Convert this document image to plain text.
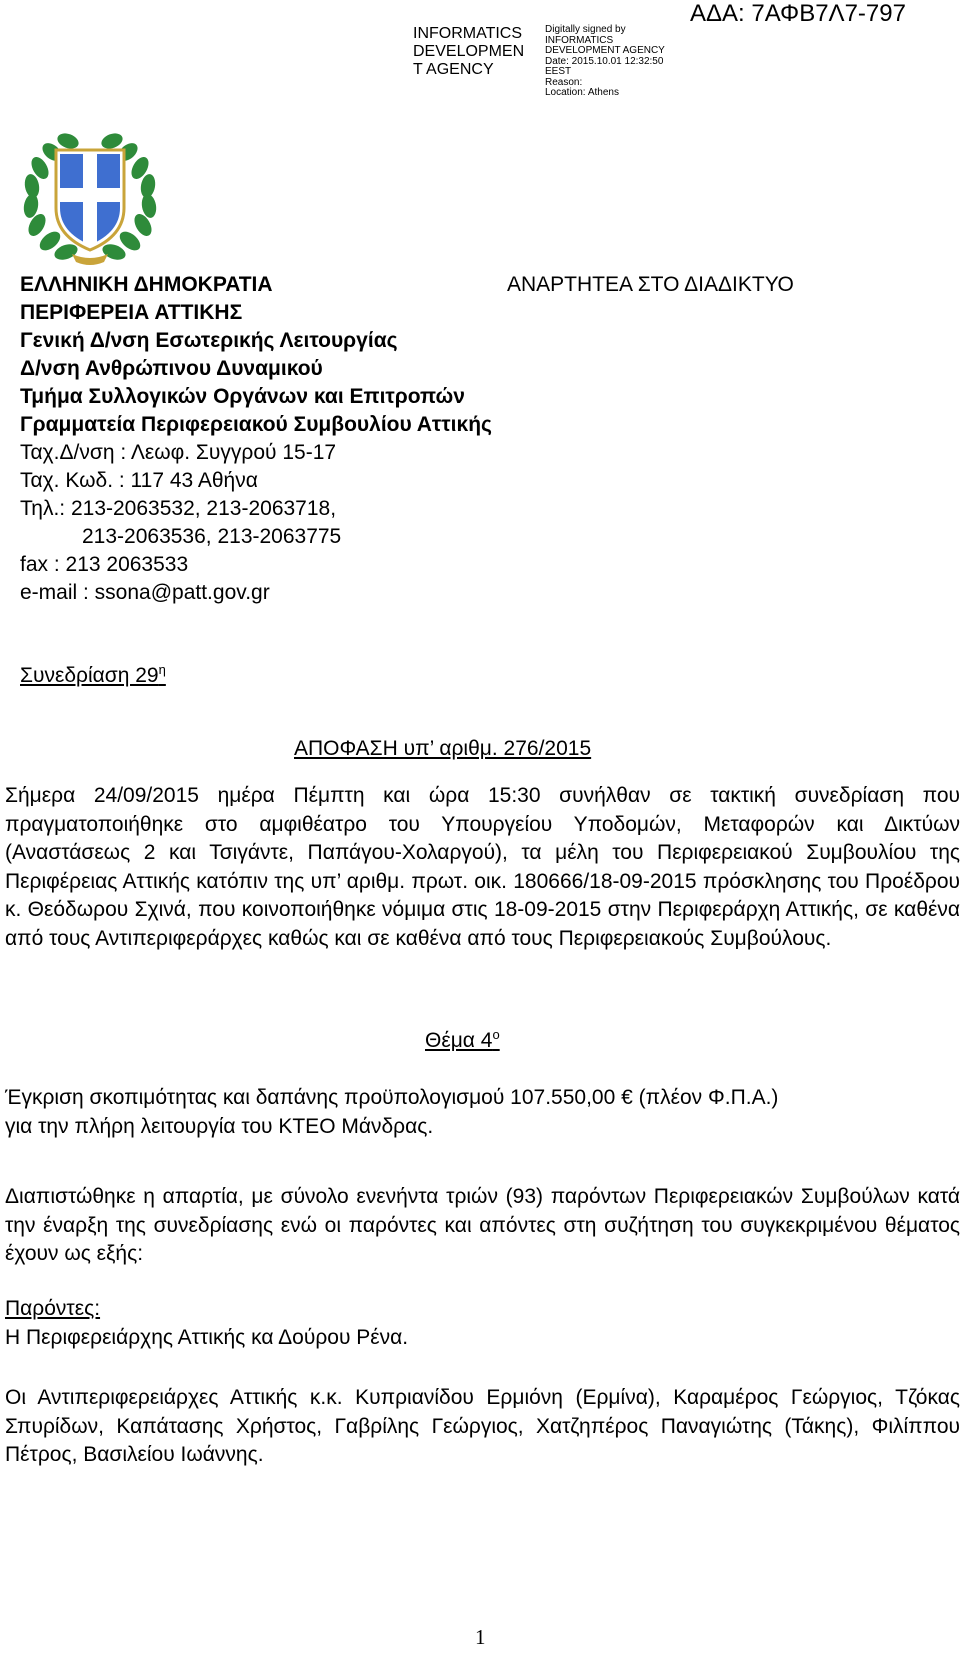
INFORMATICS
DEVELOPMEN
T AGENCY
Digitally signed by
INFORMATICS
DEVELOPMENT AGENCY
Date: 2015.10.01 12:32:50
EEST
Reason:
Location: Athens
ΑΔΑ: 7ΑΦΒ7Λ7-797
ΕΛΛΗΝΙΚΗ ΔΗΜΟΚΡΑΤΙΑ
ΠΕΡΙΦΕΡΕΙΑ ΑΤΤΙΚΗΣ
Γενική Δ/νση Εσωτερικής Λειτουργίας
Δ/νση Ανθρώπινου Δυναμικού
Τμήμα Συλλογικών Οργάνων και Επιτροπών
Γραμματεία Περιφερειακού Συμβουλίου Αττικής
Ταχ.Δ/νση : Λεωφ. Συγγρού 15-17
Ταχ. Κωδ. : 117 43 Αθήνα
Τηλ.: 213-2063532, 213-2063718,
213-2063536, 213-2063775
fax : 213 2063533
e-mail : ssona@patt.gov.gr
ΑΝΑΡΤΗΤΕΑ ΣΤΟ ΔΙΑΔΙΚΤΥΟ
Συνεδρίαση $29^\eta$
ΑΠΟΦΑΣΗ υπ’ αριθμ. 276/2015
Σήμερα 24/09/2015 ημέρα Πέμπτη και ώρα 15:30 συνήλθαν σε τακτική συνεδρίαση που πραγματοποιήθηκε στο αμφιθέατρο του Υπουργείου Υποδομών, Μεταφορών και Δικτύων (Αναστάσεως 2 και Τσιγάντε, Παπάγου-Χολαργού), τα μέλη του Περιφερειακού Συμβουλίου της Περιφέρειας Αττικής κατόπιν της υπ’ αριθμ. πρωτ. οικ. 180666/18-09-2015 πρόσκλησης του Προέδρου κ. Θεόδωρου Σχινά, που κοινοποιήθηκε νόμιμα στις 18-09-2015 στην Περιφεράρχη Αττικής, σε καθένα από τους Αντιπεριφεράρχες καθώς και σε καθένα από τους Περιφερειακούς Συμβούλους.
Θέμα $4^o$
Έγκριση σκοπιμότητας και δαπάνης προϋπολογισμού 107.550,00 € (πλέον Φ.Π.Α.)
για την πλήρη λειτουργία του ΚΤΕΟ Μάνδρας.
Διαπιστώθηκε η απαρτία, με σύνολο ενενήντα τριών (93) παρόντων Περιφερειακών Συμβούλων κατά την έναρξη της συνεδρίασης ενώ οι παρόντες και απόντες στη συζήτηση του συγκεκριμένου θέματος έχουν ως εξής:
Παρόντες:
Η Περιφερειάρχης Αττικής κα Δούρου Ρένα.
Οι Αντιπεριφερειάρχες Αττικής κ.κ. Κυπριανίδου Ερμιόνη (Ερμίνα), Καραμέρος Γεώργιος, Τζόκας Σπυρίδων, Καπάτασης Χρήστος, Γαβρίλης Γεώργιος, Χατζηπέρος Παναγιώτης (Τάκης), Φιλίππου Πέτρος, Βασιλείου Ιωάννης.
1
